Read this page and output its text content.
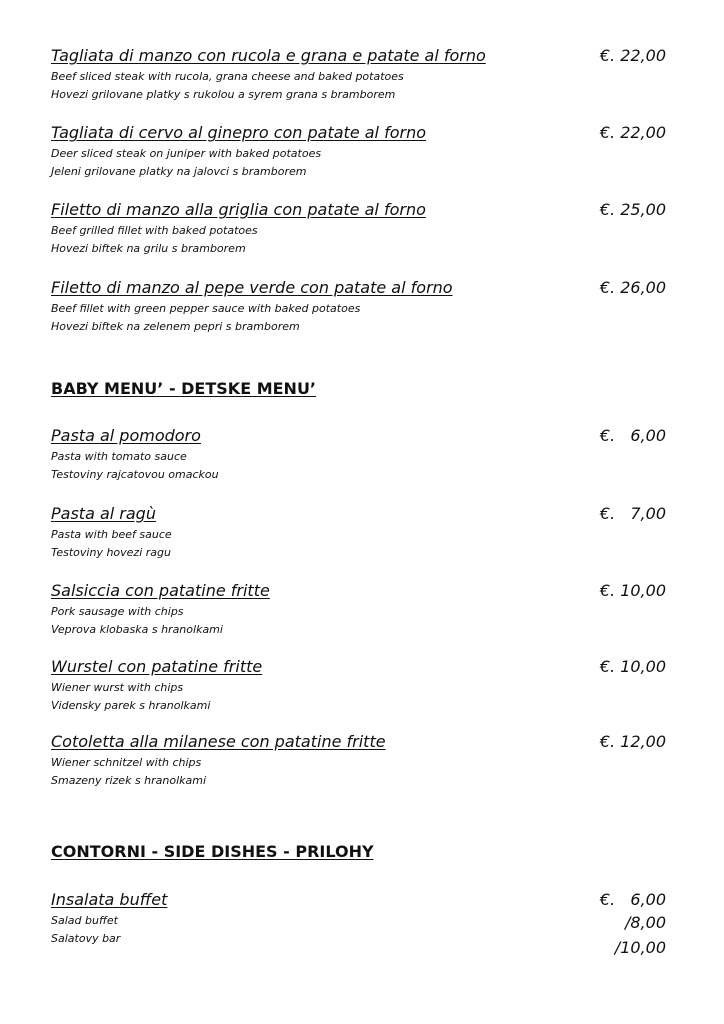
Tagliata di manzo con rucola e grana e patate al forno
Beef sliced steak with rucola, grana cheese and baked potatoes
Hovezi grilovane platky s rukolou a syrem grana s bramborem
€. 22,00
Tagliata di cervo al ginepro con patate al forno
Deer sliced steak on juniper with baked potatoes
Jeleni grilovane platky na jalovci s bramborem
€. 22,00
Filetto di manzo alla griglia con patate al forno
Beef grilled fillet with baked potatoes
Hovezi biftek na grilu s bramborem
€. 25,00
Filetto di manzo al pepe verde con patate al forno
Beef fillet with green pepper sauce with baked potatoes
Hovezi biftek na zelenem pepri s bramborem
€. 26,00
BABY MENU’ - DETSKE MENU’
Pasta al pomodoro
Pasta with tomato sauce
Testoviny rajcatovou omackou
€.   6,00
Pasta al ragù
Pasta with beef sauce
Testoviny hovezi ragu
€.   7,00
Salsiccia con patatine fritte
Pork sausage with chips
Veprova klobaska s hranolkami
€. 10,00
Wurstel con patatine fritte
Wiener wurst with chips
Vidensky parek s hranolkami
€. 10,00
Cotoletta alla milanese con patatine fritte
Wiener schnitzel with chips
Smazeny rizek s hranolkami
€. 12,00
CONTORNI - SIDE DISHES - PRILOHY
Insalata buffet
Salad buffet
Salatovy bar
€.   6,00
/8,00
/10,00
